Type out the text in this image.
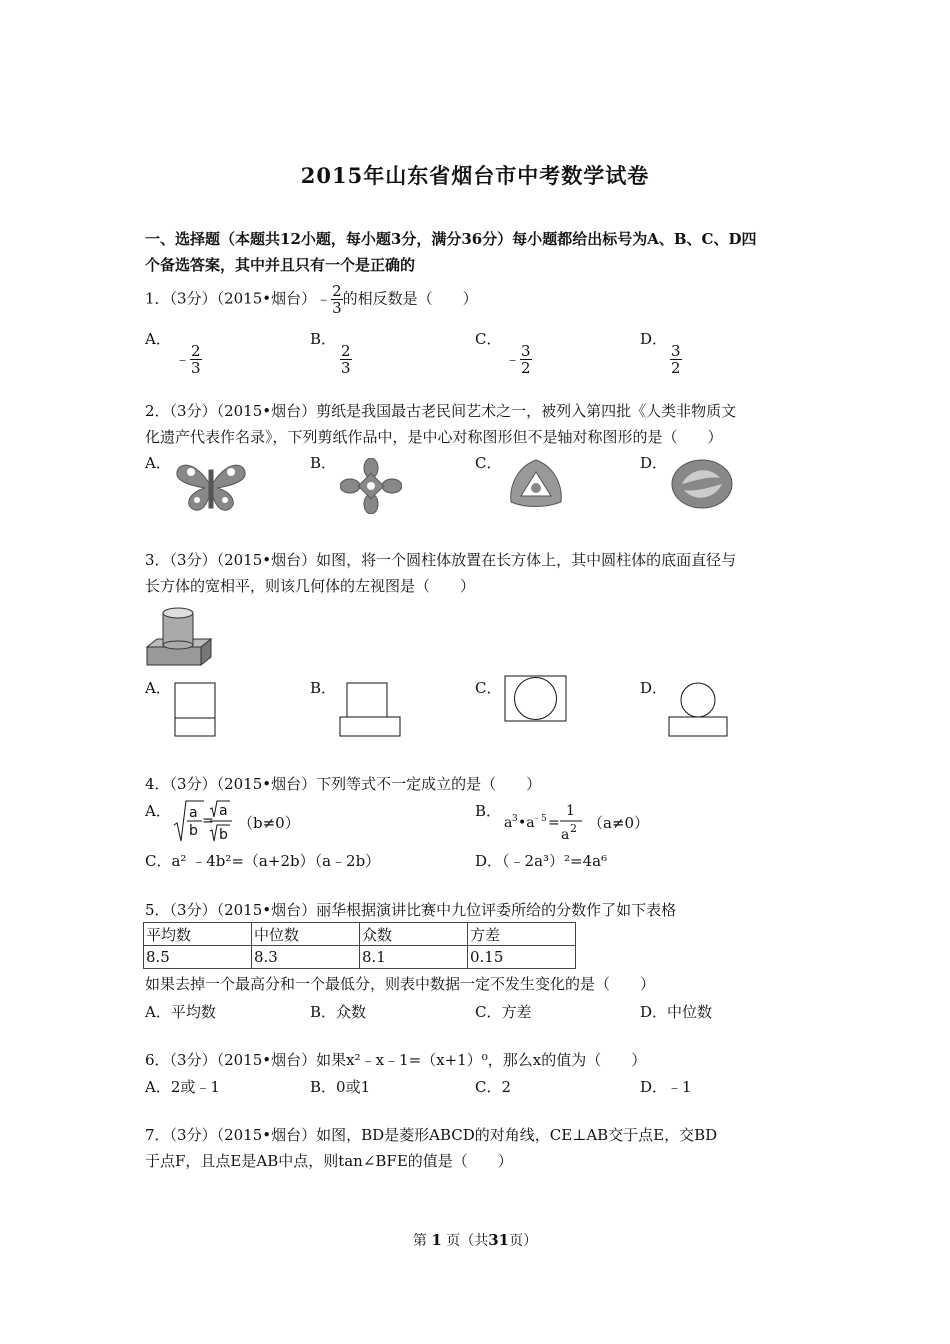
2015年山东省烟台市中考数学试卷
一、选择题（本题共12小题，每小题3分，满分36分）每小题都给出标号为A、B、C、D四
个备选答案，其中并且只有一个是正确的
1．（3分）（2015•烟台）﹣ $\frac{2}{3}$ 的相反数是（　　）
A．
﹣ $\frac{2}{3}$
B．

$\frac{2}{3}$
C．
﹣ $\frac{3}{2}$
D．

$\frac{3}{2}$
2．（3分）（2015•烟台）剪纸是我国最古老民间艺术之一，被列入第四批《人类非物质文
化遗产代表作名录》，下列剪纸作品中，是中心对称图形但不是轴对称图形的是（　　）
A．	B．	C．	D．
3．（3分）（2015•烟台）如图，将一个圆柱体放置在长方体上，其中圆柱体的底面直径与
长方体的宽相平，则该几何体的左视图是（　　）
A．	B．	C．	D．
4．（3分）（2015•烟台）下列等式不一定成立的是（　　）
A． a
b
=
a
b
（b≠0）
B．
a 3 •a
﹣5 =
1
a 2 （a≠0）
C．a² ﹣4b²=（a+2b）（a﹣2b）	D．（﹣2a³）²=4a⁶
5．（3分）（2015•烟台）丽华根据演讲比赛中九位评委所给的分数作了如下表格
平均数	中位数	众数	方差
8.5	8.3	8.1	0.15
如果去掉一个最高分和一个最低分，则表中数据一定不发生变化的是（　　）
A．平均数	B．众数	C．方差	D．中位数
6．（3分）（2015•烟台）如果x²﹣x﹣1=（x+1）⁰，那么x的值为（　　）
A．2或﹣1	B．0或1	C．2	D．﹣1
7．（3分）（2015•烟台）如图，BD是菱形ABCD的对角线，CE⊥AB交于点E，交BD
于点F，且点E是AB中点，则tan∠BFE的值是（　　）
第 1 页（共31页）
